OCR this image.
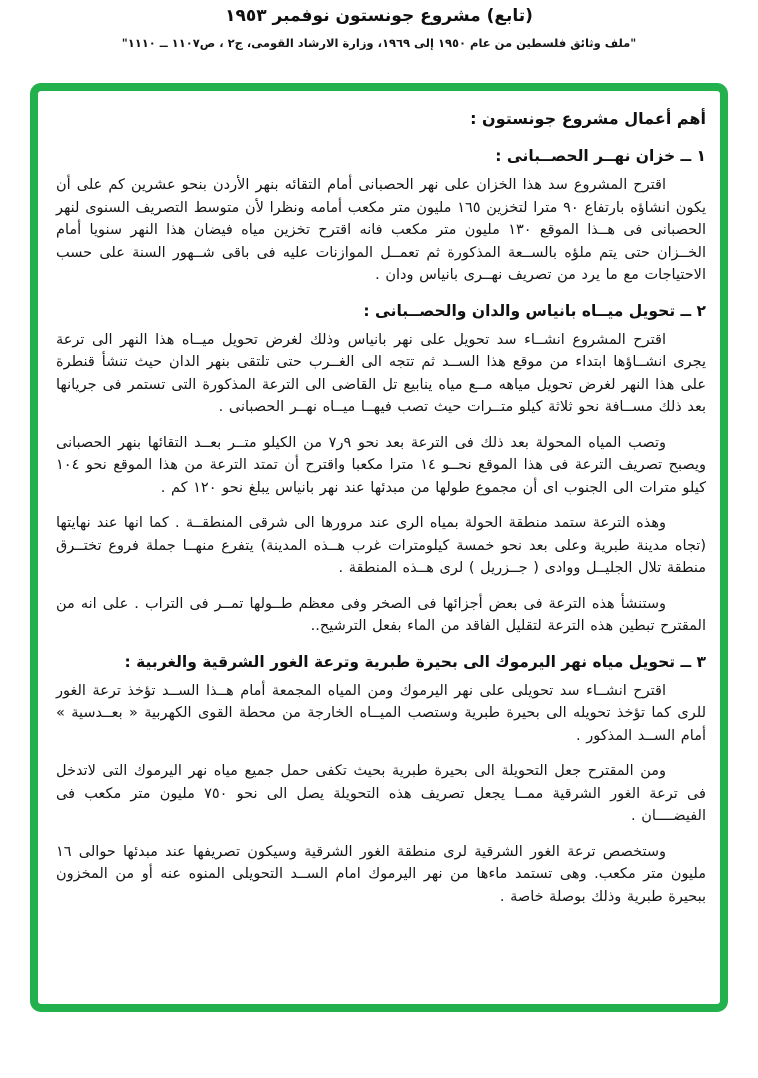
(تابع) مشروع جونستون نوفمبر ١٩٥٣
"ملف وثائق فلسطين من عام ١٩٥٠ إلى ١٩٦٩، وزارة الارشاد القومى، ج٢ ، ص١١٠٧ ــ ١١١٠"
أهم أعمال مشروع جونستون :
١ ــ خزان نهــر الحصــبانى :

اقترح المشروع سد هذا الخزان على نهر الحصبانى أمام التقائه بنهر الأردن بنحو عشرين كم على أن يكون انشاؤه بارتفاع ٩٠ مترا لتخزين ١٦٥ مليون متر مكعب أمامه ونظرا لأن متوسط التصريف السنوى لنهر الحصبانى فى هــذا الموقع ١٣٠ مليون متر مكعب فانه اقترح تخزين مياه فيضان هذا النهر سنويا أمام الخــزان حتى يتم ملؤه بالســعة المذكورة ثم تعمــل الموازنات عليه فى باقى شــهور السنة على حسب الاحتياجات مع ما يرد من تصريف نهــرى بانياس ودان .

٢ ــ تحويل ميــاه بانياس والدان والحصــبانى :

اقترح المشروع انشــاء سد تحويل على نهر بانياس وذلك لغرض تحويل ميــاه هذا النهر الى ترعة يجرى انشــاؤها ابتداء من موقع هذا الســد ثم تتجه الى الغــرب حتى تلتقى بنهر الدان حيث تنشأ قنطرة على هذا النهر لغرض تحويل مياهه مــع مياه ينابيع تل القاضى الى الترعة المذكورة التى تستمر فى جريانها بعد ذلك مســافة نحو ثلاثة كيلو متــرات حيث تصب فيهــا ميــاه نهــر الحصبانى .

وتصب المياه المحولة بعد ذلك فى الترعة بعد نحو ٩ر٧ من الكيلو متــر بعــد التقائها بنهر الحصبانى ويصبح تصريف الترعة فى هذا الموقع نحــو ١٤ مترا مكعبا واقترح أن تمتد الترعة من هذا الموقع نحو ١٠٤ كيلو مترات الى الجنوب اى أن مجموع طولها من مبدئها عند نهر بانياس يبلغ نحو ١٢٠ كم .

وهذه الترعة ستمد منطقة الحولة بمياه الرى عند مرورها الى شرقى المنطقــة . كما انها عند نهايتها (تجاه مدينة طبرية وعلى بعد نحو خمسة كيلومترات غرب هــذه المدينة) يتفرع منهــا جملة فروع تختــرق منطقة تلال الجليــل ووادى ( جــزريل ) لرى هــذه المنطقة .

وستنشأ هذه الترعة فى بعض أجزائها فى الصخر وفى معظم طــولها تمــر فى التراب . على انه من المقترح تبطين هذه الترعة لتقليل الفاقد من الماء بفعل الترشيح..

٣ ــ تحويل مياه نهر اليرموك الى بحيرة طبرية وترعة الغور الشرقية والغربية :

اقترح انشــاء سد تحويلى على نهر اليرموك ومن المياه المجمعة أمام هــذا الســد تؤخذ ترعة الغور للرى كما تؤخذ تحويله الى بحيرة طبرية وستصب الميــاه الخارجة من محطة القوى الكهربية « بعــدسية » أمام الســد المذكور .

ومن المقترح جعل التحويلة الى بحيرة طبرية بحيث تكفى حمل جميع مياه نهر اليرموك التى لاتدخل فى ترعة الغور الشرقية ممــا يجعل تصريف هذه التحويلة يصل الى نحو ٧٥٠ مليون متر مكعب فى الفيضــــان .

وستخصص ترعة الغور الشرقية لرى منطقة الغور الشرقية وسيكون تصريفها عند مبدئها حوالى ١٦ مليون متر مكعب. وهى تستمد ماءها من نهر اليرموك امام الســد التحويلى المنوه عنه أو من المخزون ببحيرة طبرية وذلك بوصلة خاصة .
